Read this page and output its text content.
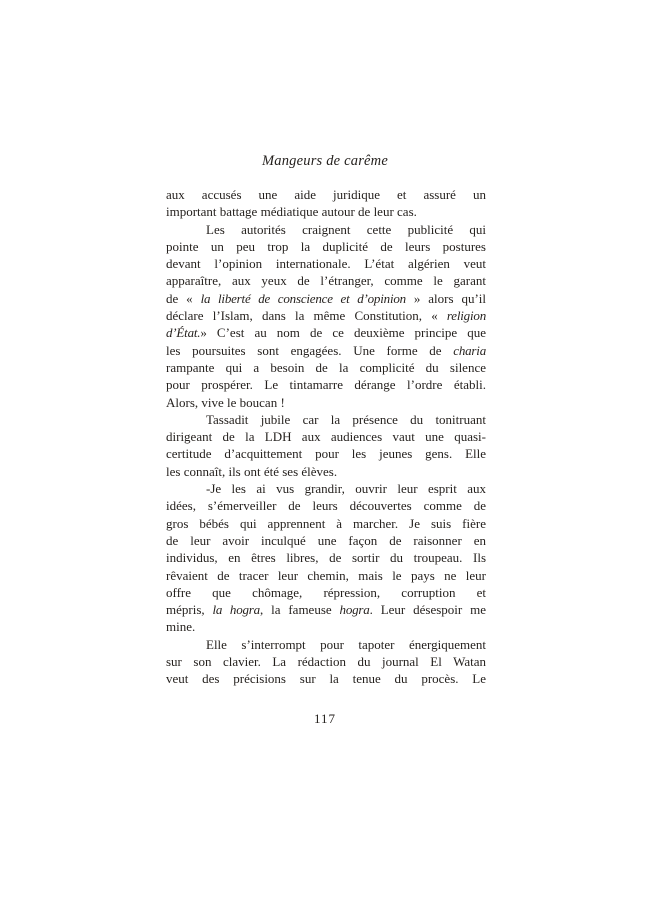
Mangeurs de carême
aux accusés une aide juridique et assuré un
important battage médiatique autour de leur cas.
Les autorités craignent cette publicité qui
pointe un peu trop la duplicité de leurs postures
devant l’opinion internationale. L’état algérien veut
apparaître, aux yeux de l’étranger, comme le garant
de « la liberté de conscience et d’opinion » alors qu’il
déclare l’Islam, dans la même Constitution, « religion
d’État.» C’est au nom de ce deuxième principe que
les poursuites sont engagées. Une forme de charia
rampante qui a besoin de la complicité du silence
pour prospérer. Le tintamarre dérange l’ordre établi.
Alors, vive le boucan !
Tassadit jubile car la présence du tonitruant
dirigeant de la LDH aux audiences vaut une quasi-
certitude d’acquittement pour les jeunes gens. Elle
les connaît, ils ont été ses élèves.
-Je les ai vus grandir, ouvrir leur esprit aux
idées, s’émerveiller de leurs découvertes comme de
gros bébés qui apprennent à marcher. Je suis fière
de leur avoir inculqué une façon de raisonner en
individus, en êtres libres, de sortir du troupeau. Ils
rêvaient de tracer leur chemin, mais le pays ne leur
offre que chômage, répression, corruption et
mépris, la hogra, la fameuse hogra. Leur désespoir me
mine.
Elle s’interrompt pour tapoter énergiquement
sur son clavier. La rédaction du journal El Watan
veut des précisions sur la tenue du procès. Le
117
